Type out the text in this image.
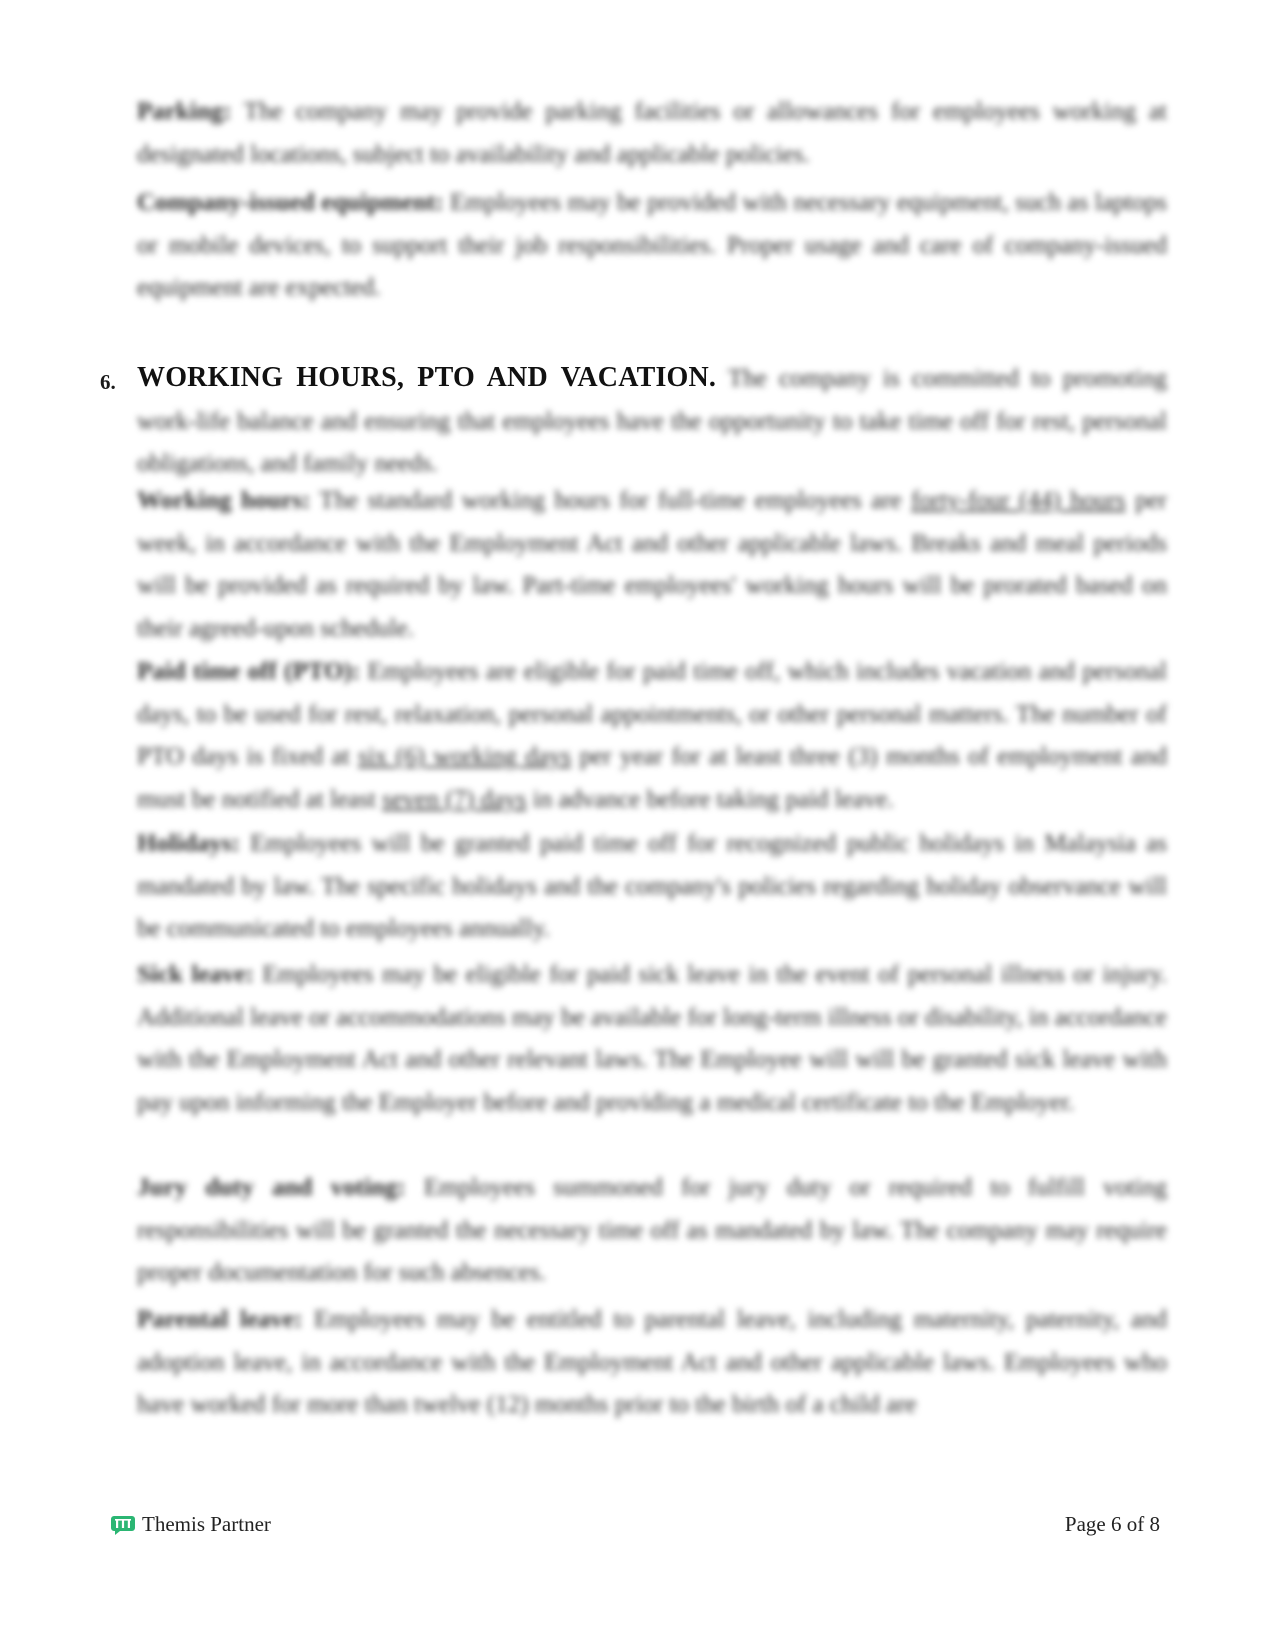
Parking: The company may provide parking facilities or allowances for employees working at designated locations, subject to availability and applicable policies.

Company-issued equipment: Employees may be provided with necessary equipment, such as laptops or mobile devices, to support their job responsibilities. Proper usage and care of company-issued equipment are expected.

6. WORKING HOURS, PTO AND VACATION. The company is committed to promoting work-life balance and ensuring that employees have the opportunity to take time off for rest, personal obligations, and family needs.

Working hours: The standard working hours for full-time employees are forty-four (44) hours per week, in accordance with the Employment Act and other applicable laws. Breaks and meal periods will be provided as required by law. Part-time employees' working hours will be prorated based on their agreed-upon schedule.

Paid time off (PTO): Employees are eligible for paid time off, which includes vacation and personal days, to be used for rest, relaxation, personal appointments, or other personal matters. The number of PTO days is fixed at six (6) working days per year for at least three (3) months of employment and must be notified at least seven (7) days in advance before taking paid leave.

Holidays: Employees will be granted paid time off for recognized public holidays in Malaysia as mandated by law. The specific holidays and the company's policies regarding holiday observance will be communicated to employees annually.

Sick leave: Employees may be eligible for paid sick leave in the event of personal illness or injury. Additional leave or accommodations may be available for long-term illness or disability, in accordance with the Employment Act and other relevant laws. The Employee will will be granted sick leave with pay upon informing the Employer before and providing a medical certificate to the Employer.

Jury duty and voting: Employees summoned for jury duty or required to fulfill voting responsibilities will be granted the necessary time off as mandated by law. The company may require proper documentation for such absences.

Parental leave: Employees may be entitled to parental leave, including maternity, paternity, and adoption leave, in accordance with the Employment Act and other applicable laws. Employees who have worked for more than twelve (12) months prior to the birth of a child are

Themis Partner	Page 6 of 8
